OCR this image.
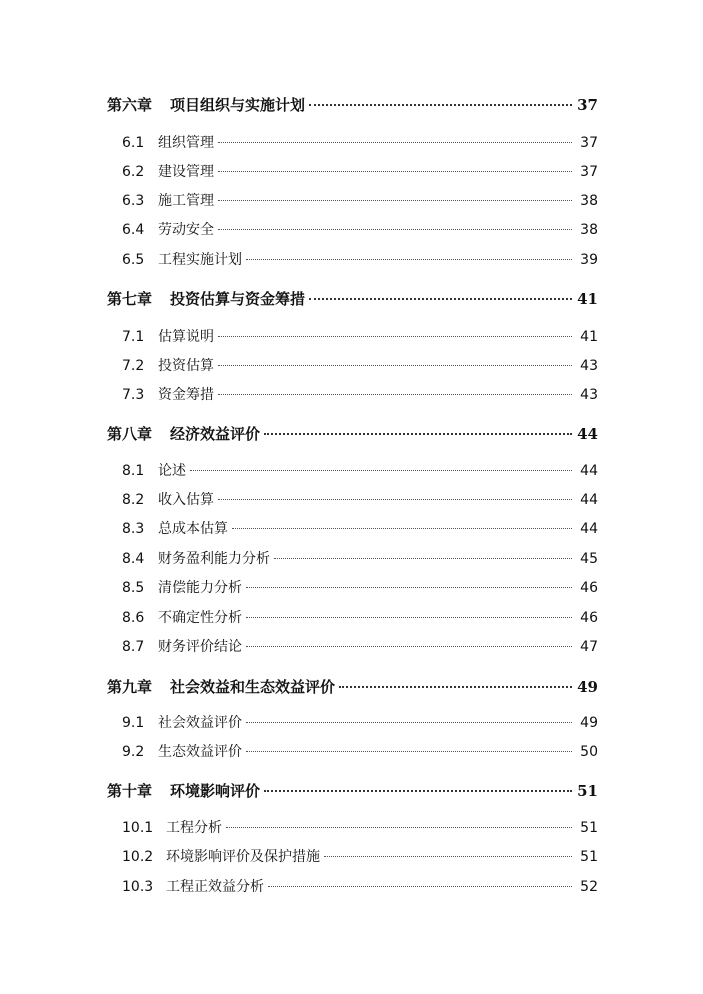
第六章 项目组织与实施计划	37
6.1 组织管理	37
6.2 建设管理	37
6.3 施工管理	38
6.4 劳动安全	38
6.5 工程实施计划	39
第七章 投资估算与资金筹措	41
7.1 估算说明	41
7.2 投资估算	43
7.3 资金筹措	43
第八章 经济效益评价	44
8.1 论述	44
8.2 收入估算	44
8.3 总成本估算	44
8.4 财务盈利能力分析	45
8.5 清偿能力分析	46
8.6 不确定性分析	46
8.7 财务评价结论	47
第九章 社会效益和生态效益评价	49
9.1 社会效益评价	49
9.2 生态效益评价	50
第十章 环境影响评价	51
10.1 工程分析	51
10.2 环境影响评价及保护措施	51
10.3 工程正效益分析	52
